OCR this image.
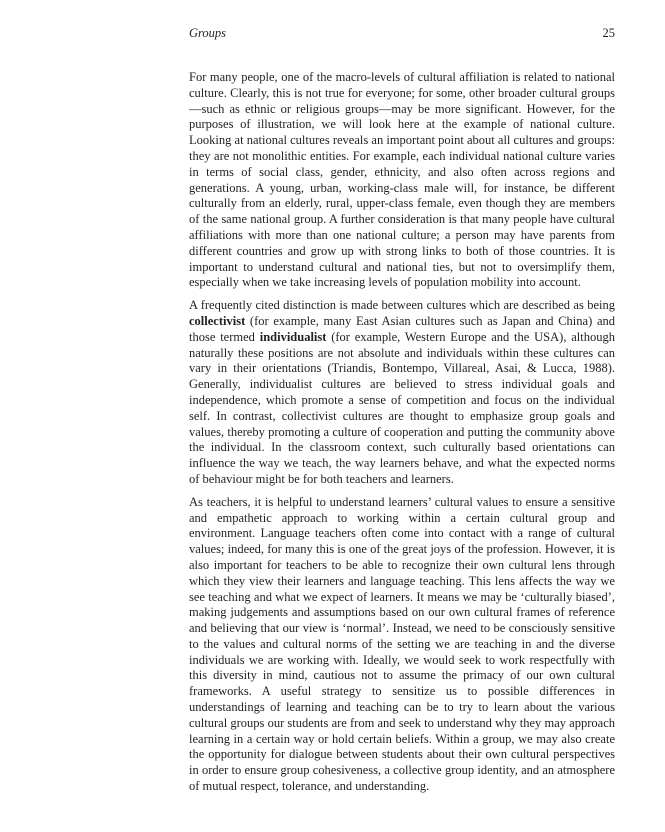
Groups	25

For many people, one of the macro-levels of cultural affiliation is related to national culture. Clearly, this is not true for everyone; for some, other broader cultural groups—such as ethnic or religious groups—may be more significant. However, for the purposes of illustration, we will look here at the example of national culture. Looking at national cultures reveals an important point about all cultures and groups: they are not monolithic entities. For example, each individual national culture varies in terms of social class, gender, ethnicity, and also often across regions and generations. A young, urban, working-class male will, for instance, be different culturally from an elderly, rural, upper-class female, even though they are members of the same national group. A further consideration is that many people have cultural affiliations with more than one national culture; a person may have parents from different countries and grow up with strong links to both of those countries. It is important to understand cultural and national ties, but not to oversimplify them, especially when we take increasing levels of population mobility into account.

A frequently cited distinction is made between cultures which are described as being collectivist (for example, many East Asian cultures such as Japan and China) and those termed individualist (for example, Western Europe and the USA), although naturally these positions are not absolute and individuals within these cultures can vary in their orientations (Triandis, Bontempo, Villareal, Asai, & Lucca, 1988). Generally, individualist cultures are believed to stress individual goals and independence, which promote a sense of competition and focus on the individual self. In contrast, collectivist cultures are thought to emphasize group goals and values, thereby promoting a culture of cooperation and putting the community above the individual. In the classroom context, such culturally based orientations can influence the way we teach, the way learners behave, and what the expected norms of behaviour might be for both teachers and learners.

As teachers, it is helpful to understand learners’ cultural values to ensure a sensitive and empathetic approach to working within a certain cultural group and environment. Language teachers often come into contact with a range of cultural values; indeed, for many this is one of the great joys of the profession. However, it is also important for teachers to be able to recognize their own cultural lens through which they view their learners and language teaching. This lens affects the way we see teaching and what we expect of learners. It means we may be ‘culturally biased’, making judgements and assumptions based on our own cultural frames of reference and believing that our view is ‘normal’. Instead, we need to be consciously sensitive to the values and cultural norms of the setting we are teaching in and the diverse individuals we are working with. Ideally, we would seek to work respectfully with this diversity in mind, cautious not to assume the primacy of our own cultural frameworks. A useful strategy to sensitize us to possible differences in understandings of learning and teaching can be to try to learn about the various cultural groups our students are from and seek to understand why they may approach learning in a certain way or hold certain beliefs. Within a group, we may also create the opportunity for dialogue between students about their own cultural perspectives in order to ensure group cohesiveness, a collective group identity, and an atmosphere of mutual respect, tolerance, and understanding.
